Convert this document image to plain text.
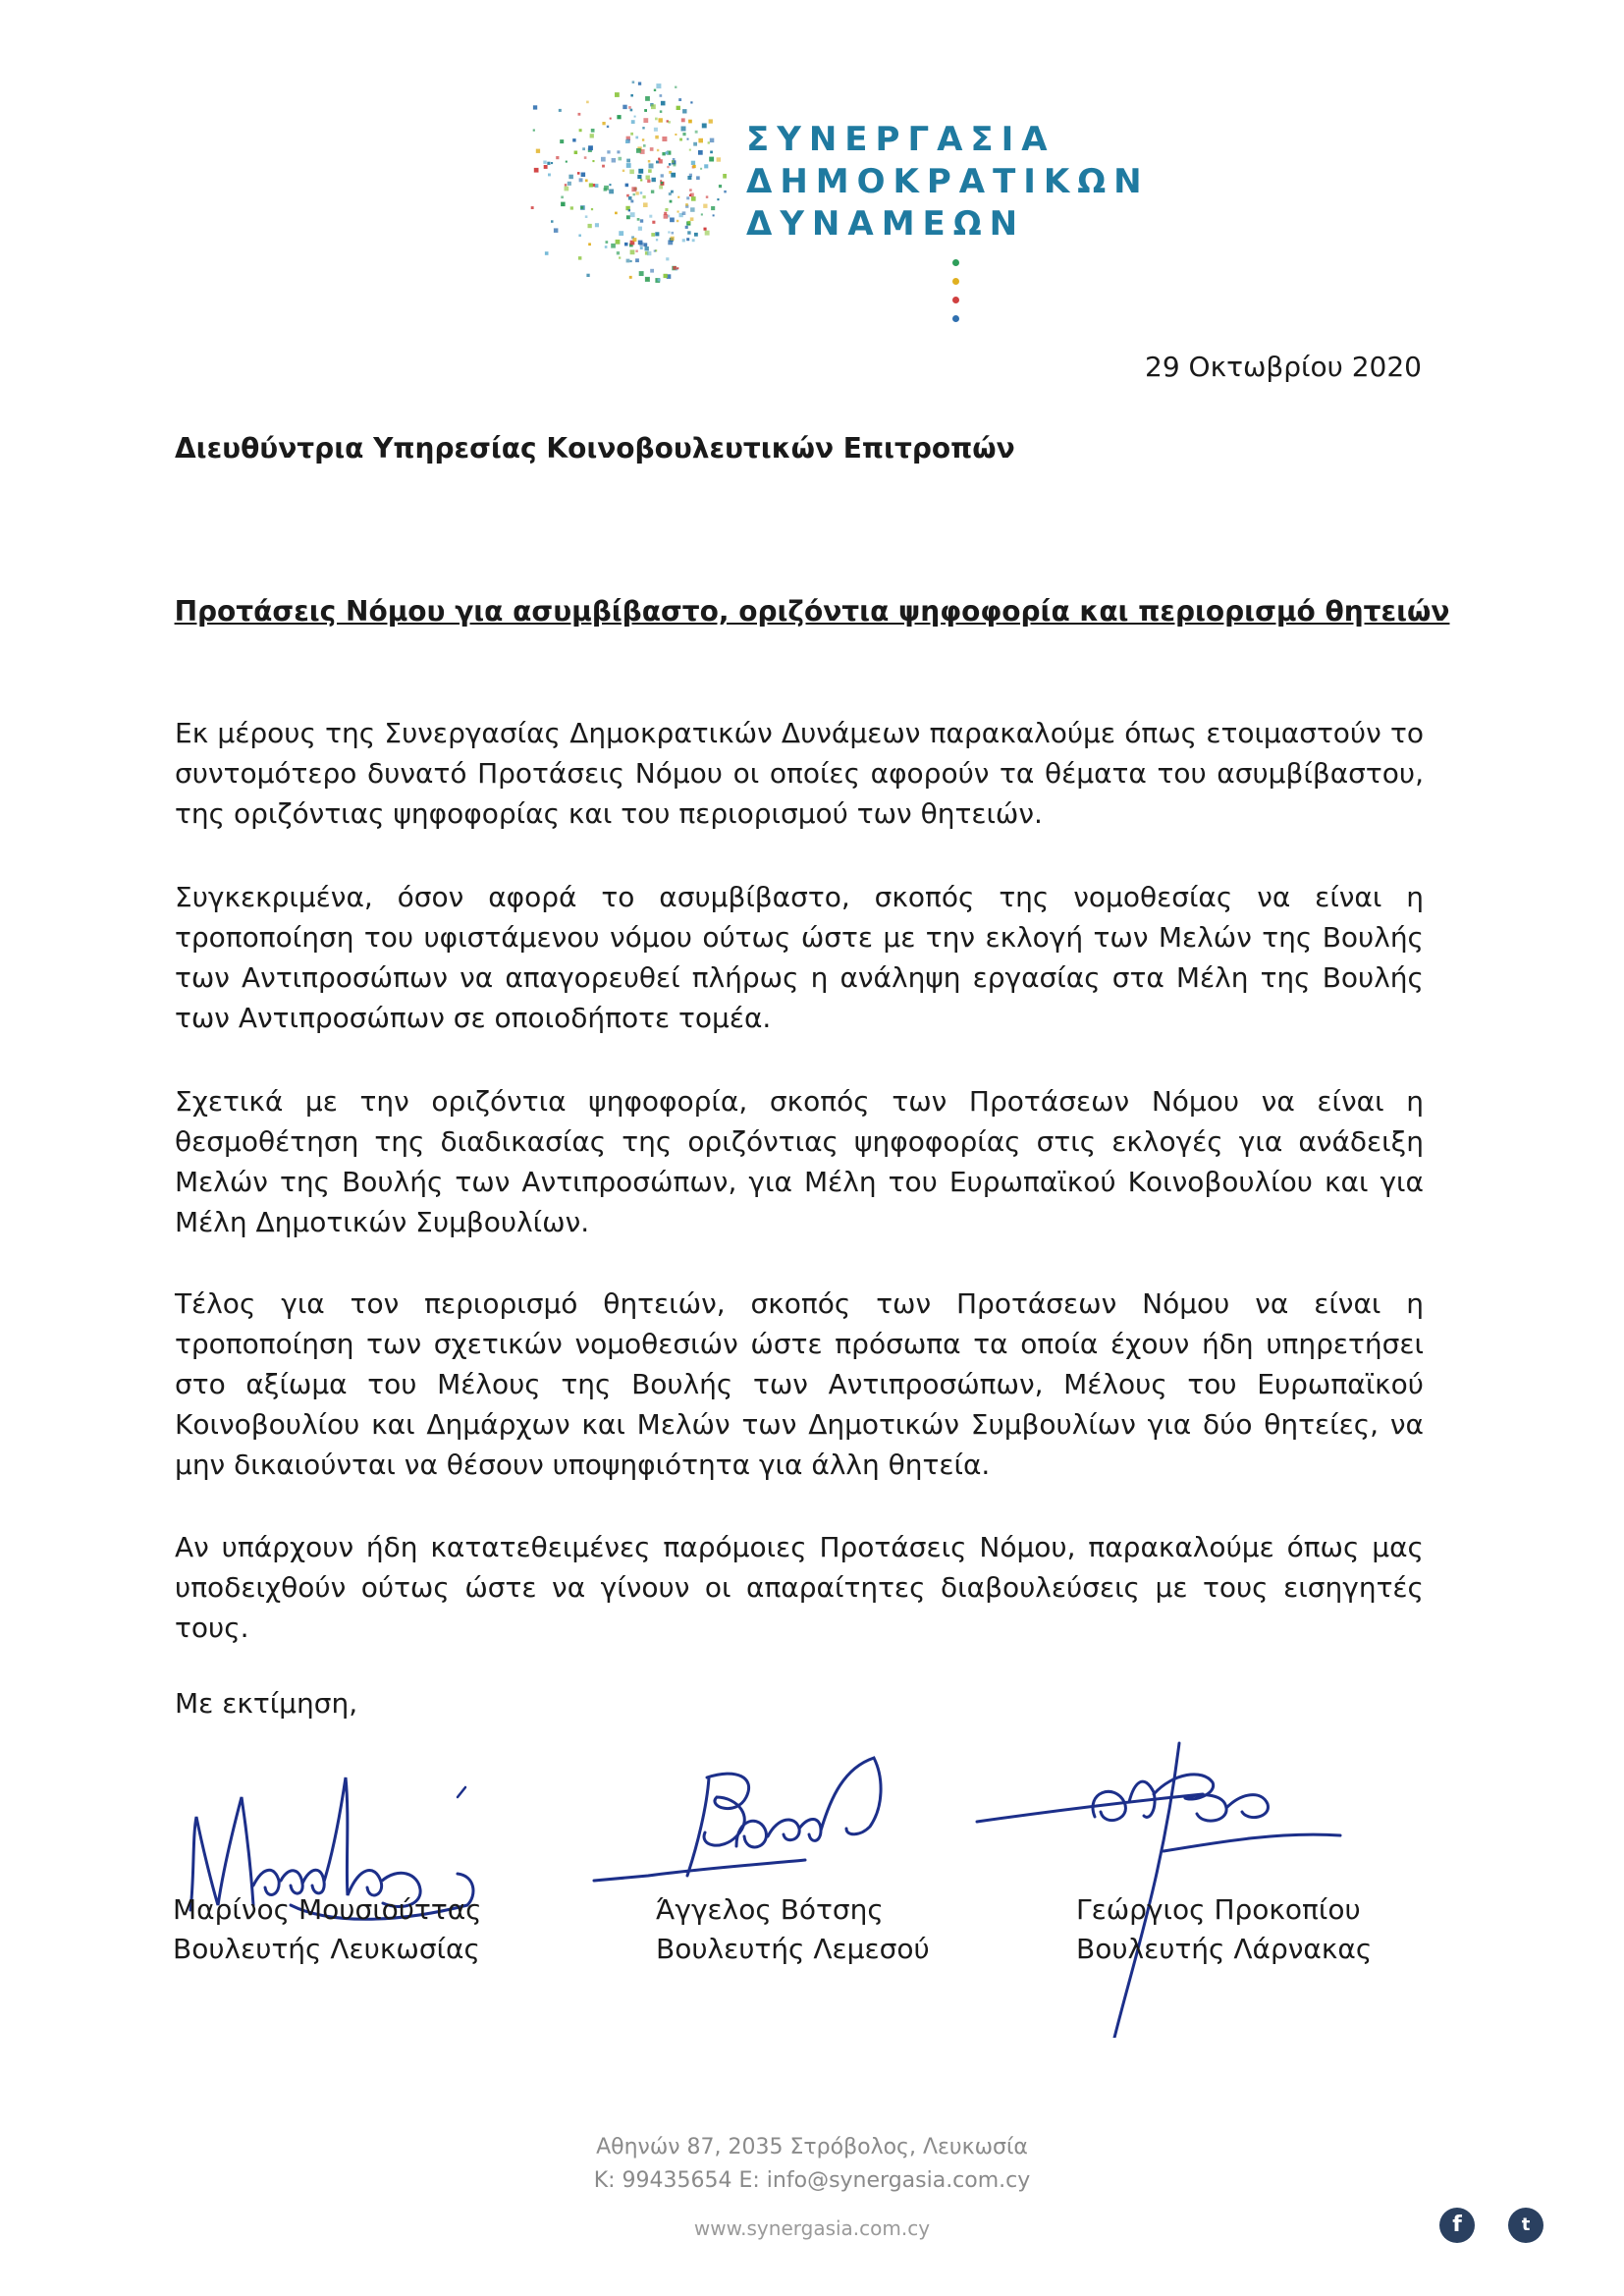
ΣΥΝΕΡΓΑΣΙΑ
ΔΗΜΟΚΡΑΤΙΚΩΝ
ΔΥΝΑΜΕΩΝ
29 Οκτωβρίου 2020
Διευθύντρια Υπηρεσίας Κοινοβουλευτικών Επιτροπών
Προτάσεις Νόμου για ασυμβίβαστο, οριζόντια ψηφοφορία και περιορισμό θητειών
Εκ μέρους της Συνεργασίας Δημοκρατικών Δυνάμεων παρακαλούμε όπως ετοιμαστούν το συντομότερο δυνατό Προτάσεις Νόμου οι οποίες αφορούν τα θέματα του ασυμβίβαστου, της οριζόντιας ψηφοφορίας και του περιορισμού των θητειών.
Συγκεκριμένα, όσον αφορά το ασυμβίβαστο, σκοπός της νομοθεσίας να είναι η τροποποίηση του υφιστάμενου νόμου ούτως ώστε με την εκλογή των Μελών της Βουλής των Αντιπροσώπων να απαγορευθεί πλήρως η ανάληψη εργασίας στα Μέλη της Βουλής των Αντιπροσώπων σε οποιοδήποτε τομέα.
Σχετικά με την οριζόντια ψηφοφορία, σκοπός των Προτάσεων Νόμου να είναι η θεσμοθέτηση της διαδικασίας της οριζόντιας ψηφοφορίας στις εκλογές για ανάδειξη Μελών της Βουλής των Αντιπροσώπων, για Μέλη του Ευρωπαϊκού Κοινοβουλίου και για Μέλη Δημοτικών Συμβουλίων.
Τέλος για τον περιορισμό θητειών, σκοπός των Προτάσεων Νόμου να είναι η τροποποίηση των σχετικών νομοθεσιών ώστε πρόσωπα τα οποία έχουν ήδη υπηρετήσει στο αξίωμα του Μέλους της Βουλής των Αντιπροσώπων, Μέλους του Ευρωπαϊκού Κοινοβουλίου και Δημάρχων και Μελών των Δημοτικών Συμβουλίων για δύο θητείες, να μην δικαιούνται να θέσουν υποψηφιότητα για άλλη θητεία.
Αν υπάρχουν ήδη κατατεθειμένες παρόμοιες Προτάσεις Νόμου, παρακαλούμε όπως μας υποδειχθούν ούτως ώστε να γίνουν οι απαραίτητες διαβουλεύσεις με τους εισηγητές τους.
Με εκτίμηση,
Μαρίνος Μουσιούττας
Βουλευτής Λευκωσίας
Άγγελος Βότσης
Βουλευτής Λεμεσού
Γεώργιος Προκοπίου
Βουλευτής Λάρνακας
Αθηνών 87, 2035 Στρόβολος, Λευκωσία
K: 99435654 E: info@synergasia.com.cy
www.synergasia.com.cy	f	t
